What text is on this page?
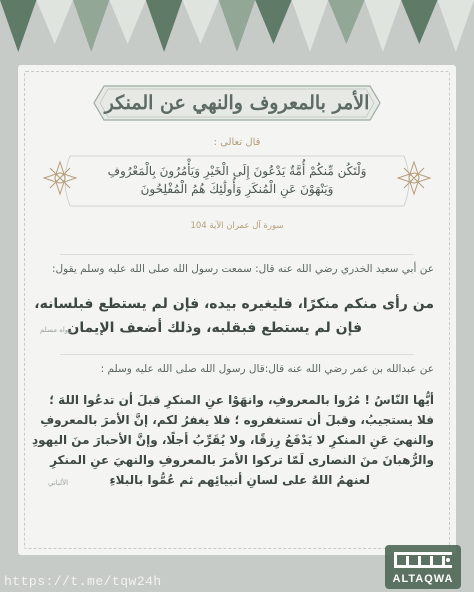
الأمر بالمعروف والنهي عن المنكر
قال تعالى :
وَلْتَكُن مِّنكُمْ أُمَّةٌ يَدْعُونَ إِلَى الْخَيْرِ وَيَأْمُرُونَ بِالْمَعْرُوفِ
وَيَنْهَوْنَ عَنِ الْمُنكَرِ وَأُولَٰئِكَ هُمُ الْمُفْلِحُونَ
سورة آل عمران الآية 104
عن أبي سعيد الخدري رضي الله عنه قال: سمعت رسول الله صلى الله عليه وسلم يقول:
من رأى منكم منكرًا، فليغيره بيده، فإن لم يستطع فبلسانه،
فإن لم يستطع فبقلبه، وذلك أضعف الإيمان
رواه مسلم
عن عبدالله بن عمر رضي الله عنه قال:قال رسول الله صلى الله عليه وسلم :
أيُّها النّاسُ ! مُرُوا بالمعروفِ، وانهَوْا عنِ المنكرِ قبلَ أن تدعُوا اللهَ ؛
فلا يستجيبُ، وقبلَ أن تستغفروه ؛ فلا يغفرُ لكم، إنَّ الأمرَ بالمعروفِ
والنهيَ عَنِ المنكرِ لا يَدْفَعُ رِزقًا، ولا يُقَرِّبُ أجلًا، وإنَّ الأحبارَ منَ اليهودِ
والرُّهبانَ منَ النصارى لَمّا تركوا الأمرَ بالمعروفِ والنهيَ عنِ المنكرِ
لعنهمُ اللهُ على لسانِ أنبيائِهم ثم عُمُّوا بالبلاءِ
الألباني
https://t.me/tqw24h	ALTAQWA
